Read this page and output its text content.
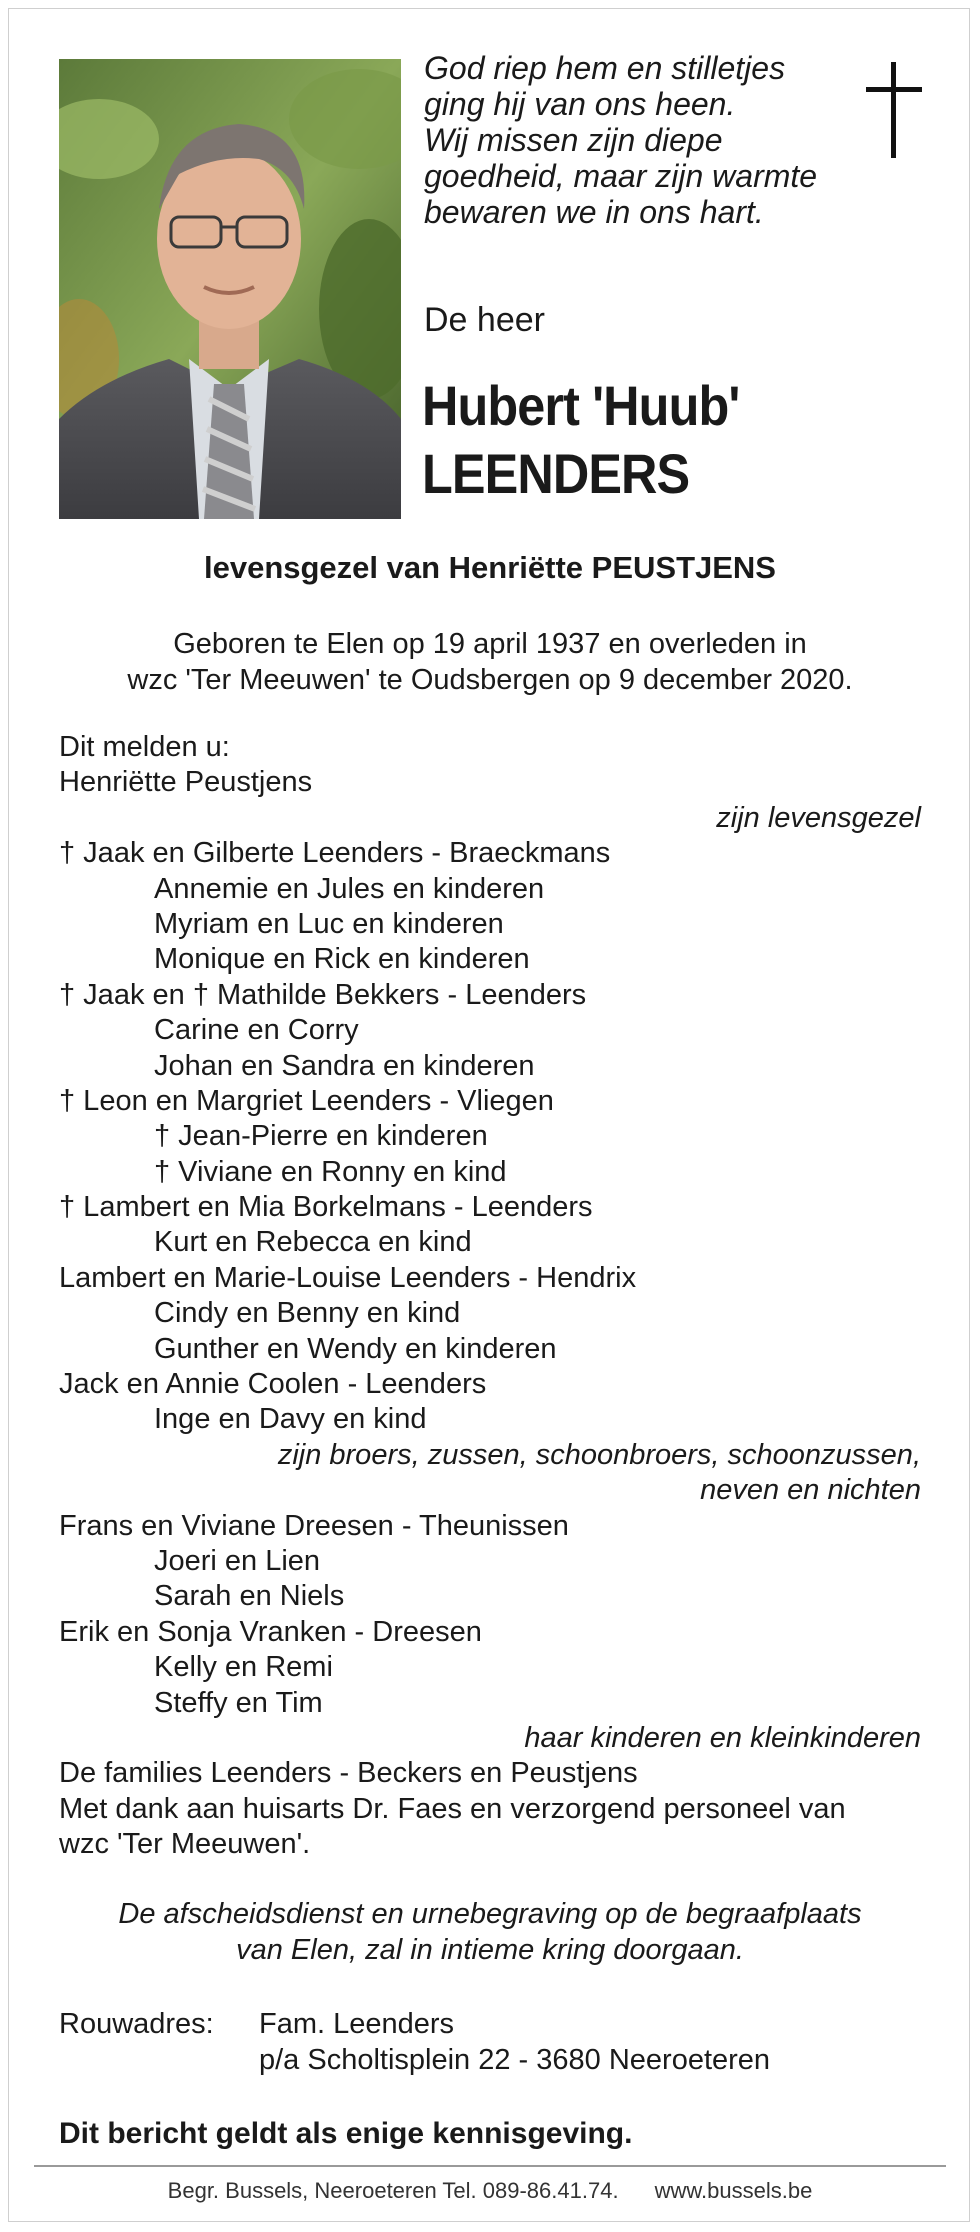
God riep hem en stilletjes
ging hij van ons heen.
Wij missen zijn diepe
goedheid, maar zijn warmte
bewaren we in ons hart.
De heer
Hubert 'Huub'
LEENDERS
levensgezel van Henriëtte PEUSTJENS
Geboren te Elen op 19 april 1937 en overleden in
wzc 'Ter Meeuwen' te Oudsbergen op 9 december 2020.
Dit melden u:
Henriëtte Peustjens
zijn levensgezel
† Jaak en Gilberte Leenders - Braeckmans
Annemie en Jules en kinderen
Myriam en Luc en kinderen
Monique en Rick en kinderen
† Jaak en † Mathilde Bekkers - Leenders
Carine en Corry
Johan en Sandra en kinderen
† Leon en Margriet Leenders - Vliegen
† Jean-Pierre en kinderen
† Viviane en Ronny en kind
† Lambert en Mia Borkelmans - Leenders
Kurt en Rebecca en kind
Lambert en Marie-Louise Leenders - Hendrix
Cindy en Benny en kind
Gunther en Wendy en kinderen
Jack en Annie Coolen - Leenders
Inge en Davy en kind
zijn broers, zussen, schoonbroers, schoonzussen,
neven en nichten
Frans en Viviane Dreesen - Theunissen
Joeri en Lien
Sarah en Niels
Erik en Sonja Vranken - Dreesen
Kelly en Remi
Steffy en Tim
haar kinderen en kleinkinderen
De families Leenders - Beckers en Peustjens
Met dank aan huisarts Dr. Faes en verzorgend personeel van
wzc 'Ter Meeuwen'.
De afscheidsdienst en urnebegraving op de begraafplaats
van Elen, zal in intieme kring doorgaan.
Rouwadres: Fam. Leenders
p/a Scholtisplein 22 - 3680 Neeroeteren
Dit bericht geldt als enige kennisgeving.
Begr. Bussels, Neeroeteren Tel. 089-86.41.74. www.bussels.be
